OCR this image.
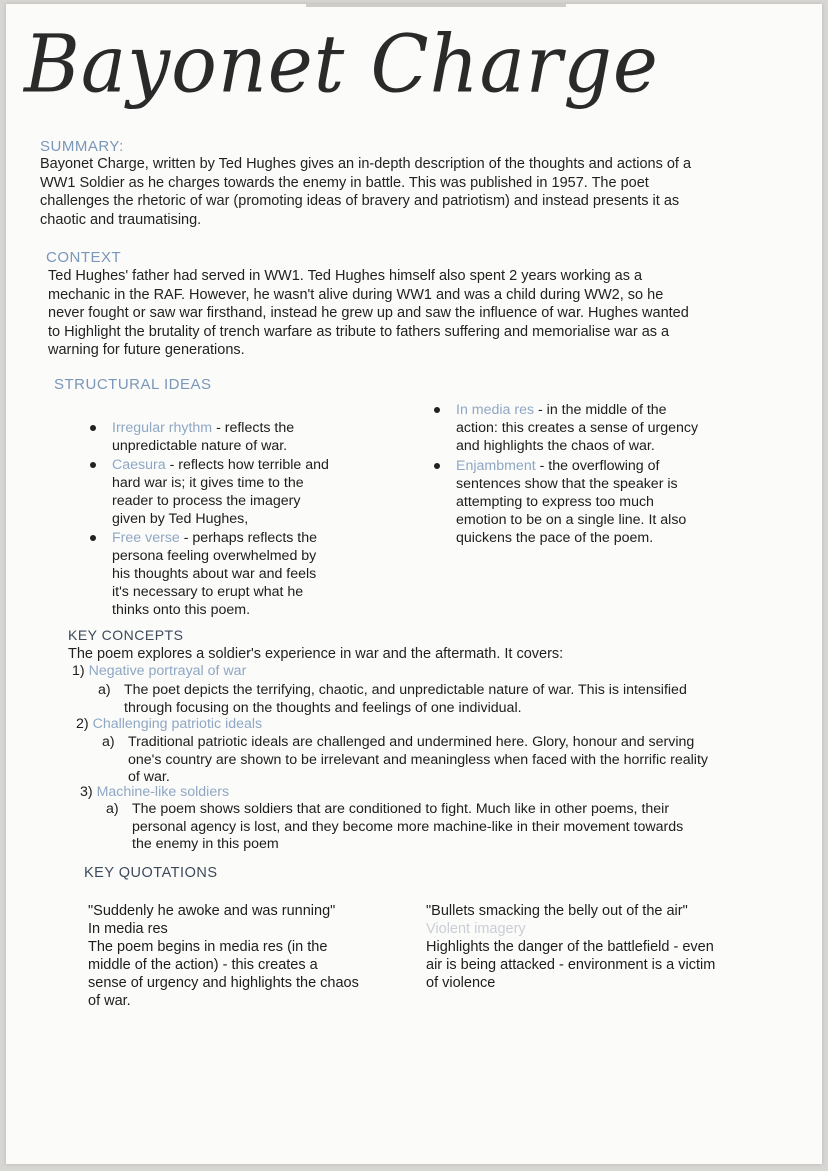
Bayonet Charge
SUMMARY:
Bayonet Charge, written by Ted Hughes gives an in-depth description of the thoughts and actions of a WW1 Soldier as he charges towards the enemy in battle. This was published in 1957. The poet challenges the rhetoric of war (promoting ideas of bravery and patriotism) and instead presents it as chaotic and traumatising.
CONTEXT
Ted Hughes' father had served in WW1. Ted Hughes himself also spent 2 years working as a mechanic in the RAF. However, he wasn't alive during WW1 and was a child during WW2, so he never fought or saw war firsthand, instead he grew up and saw the influence of war. Hughes wanted to Highlight the brutality of trench warfare as tribute to fathers suffering and memorialise war as a warning for future generations.
STRUCTURAL IDEAS
Irregular rhythm - reflects the unpredictable nature of war.
Caesura - reflects how terrible and hard war is; it gives time to the reader to process the imagery given by Ted Hughes,
Free verse - perhaps reflects the persona feeling overwhelmed by his thoughts about war and feels it's necessary to erupt what he thinks onto this poem.
In media res - in the middle of the action: this creates a sense of urgency and highlights the chaos of war.
Enjambment - the overflowing of sentences show that the speaker is attempting to express too much emotion to be on a single line. It also quickens the pace of the poem.
KEY CONCEPTS
The poem explores a soldier's experience in war and the aftermath. It covers:
1) Negative portrayal of war
a) The poet depicts the terrifying, chaotic, and unpredictable nature of war. This is intensified through focusing on the thoughts and feelings of one individual.
2) Challenging patriotic ideals
a) Traditional patriotic ideals are challenged and undermined here. Glory, honour and serving one's country are shown to be irrelevant and meaningless when faced with the horrific reality of war.
3) Machine-like soldiers
a) The poem shows soldiers that are conditioned to fight. Much like in other poems, their personal agency is lost, and they become more machine-like in their movement towards the enemy in this poem
KEY QUOTATIONS
"Suddenly he awoke and was running"
In media res
The poem begins in media res (in the middle of the action) - this creates a sense of urgency and highlights the chaos of war.
"Bullets smacking the belly out of the air"
Violent imagery
Highlights the danger of the battlefield - even air is being attacked - environment is a victim of violence
